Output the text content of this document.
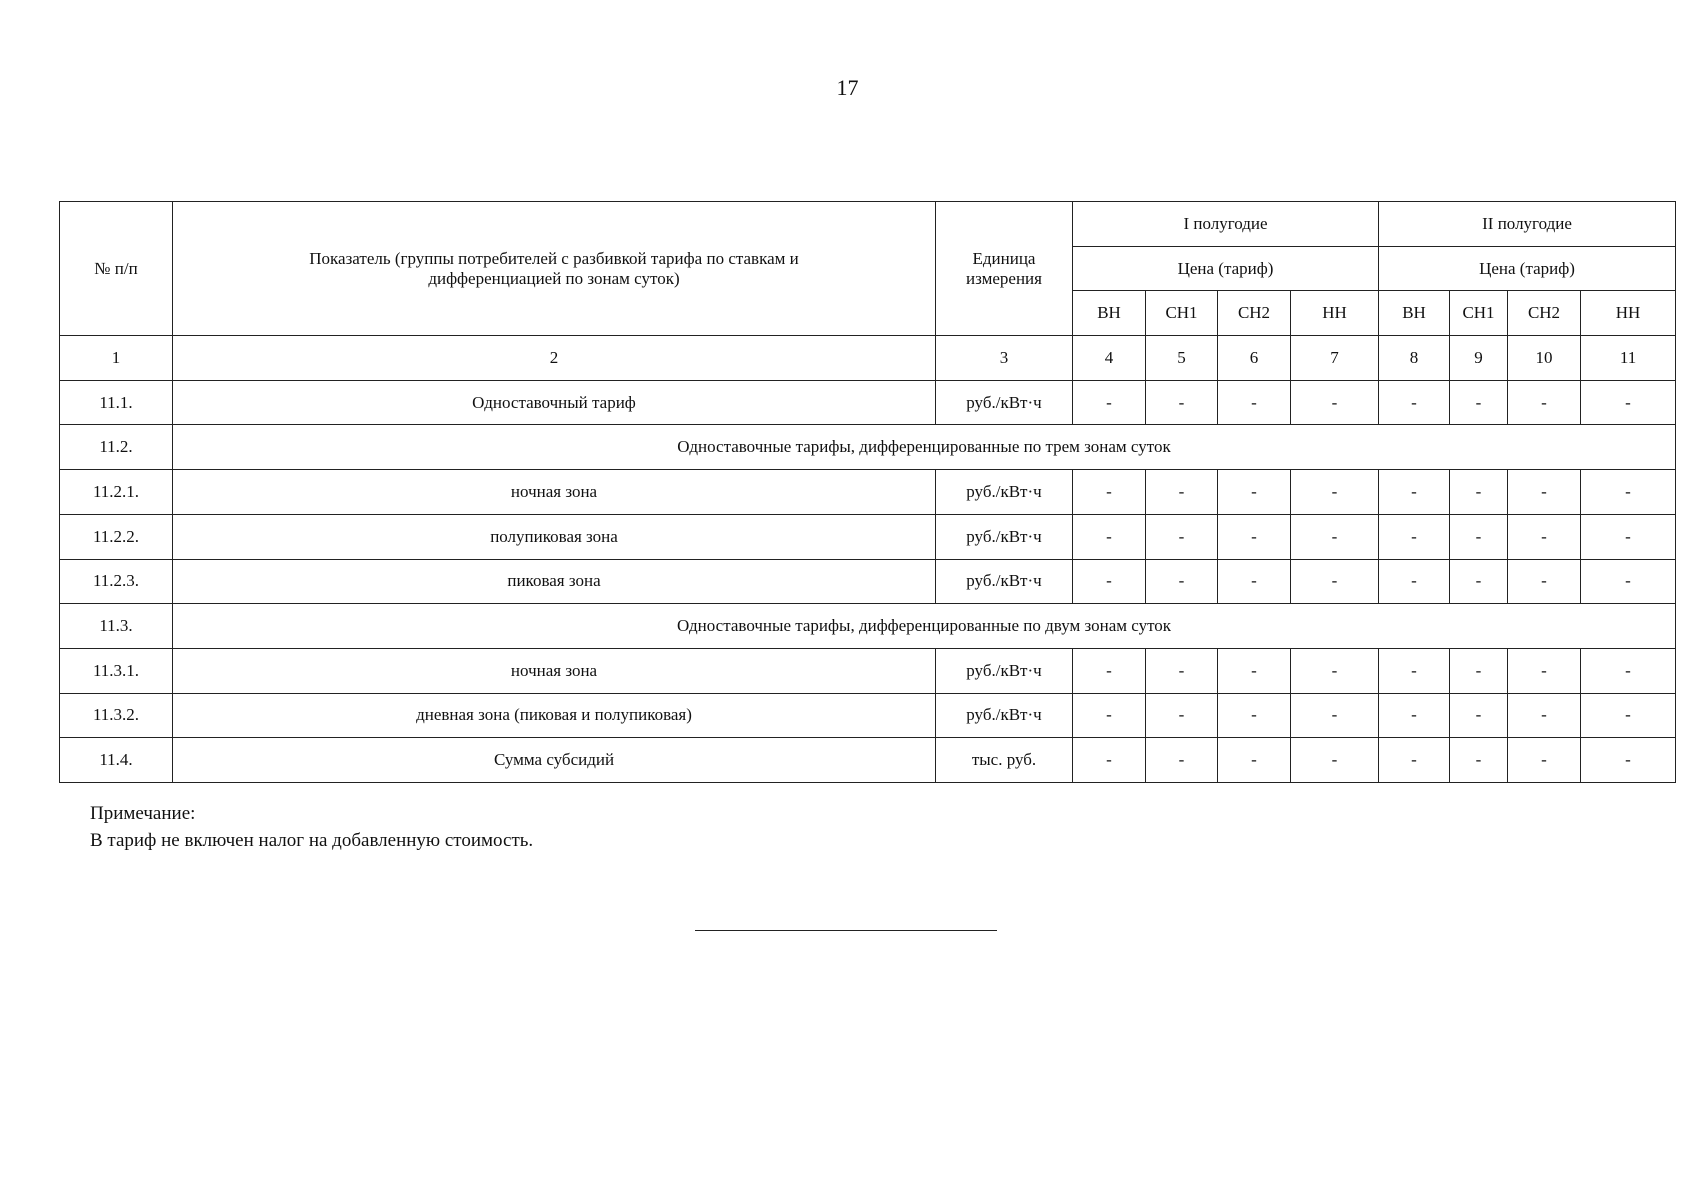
17
№ п/п	Показатель (группы потребителей с разбивкой тарифа по ставкам и дифференциацией по зонам суток)	Единица измерения	I полугодие				II полугодие			
			Цена (тариф)				Цена (тариф)			
			ВН	СН1	СН2	НН	ВН	СН1	СН2	НН
1	2	3	4	5	6	7	8	9	10	11
11.1.	Одноставочный тариф	руб./кВт·ч	-	-	-	-	-	-	-	-
11.2.	Одноставочные тарифы, дифференцированные по трем зонам суток									
11.2.1.	ночная зона	руб./кВт·ч	-	-	-	-	-	-	-	-
11.2.2.	полупиковая зона	руб./кВт·ч	-	-	-	-	-	-	-	-
11.2.3.	пиковая зона	руб./кВт·ч	-	-	-	-	-	-	-	-
11.3.	Одноставочные тарифы, дифференцированные по двум зонам суток									
11.3.1.	ночная зона	руб./кВт·ч	-	-	-	-	-	-	-	-
11.3.2.	дневная зона (пиковая и полупиковая)	руб./кВт·ч	-	-	-	-	-	-	-	-
11.4.	Сумма субсидий	тыс. руб.	-	-	-	-	-	-	-	-
Примечание:
В тариф не включен налог на добавленную стоимость.
